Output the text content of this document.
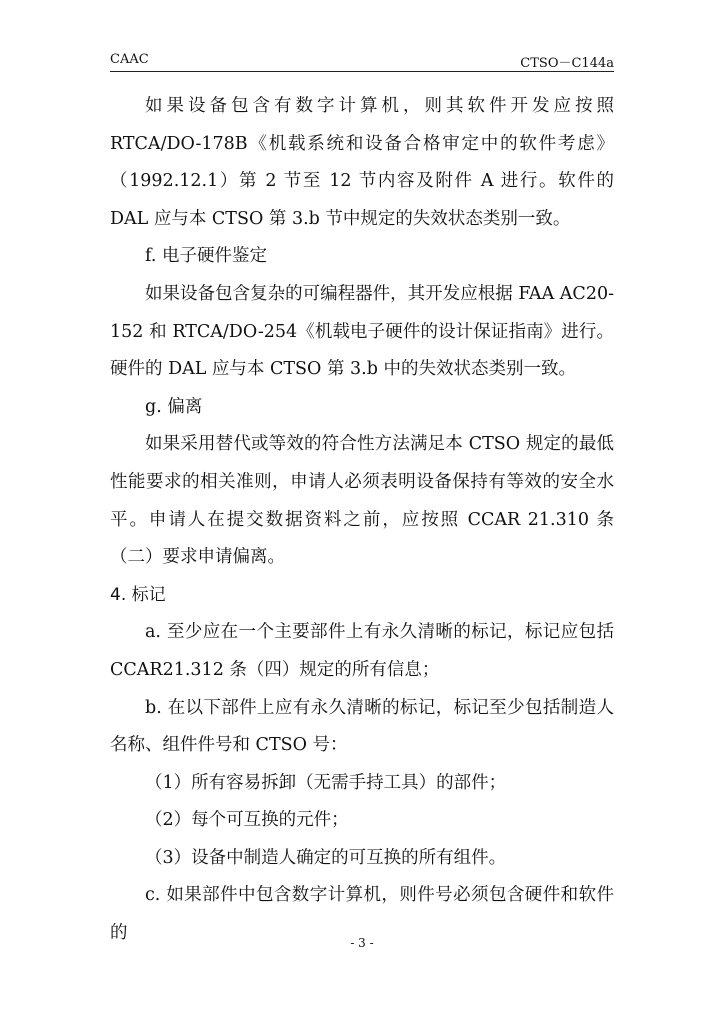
CAAC	CTSO－C144a

如果设备包含有数字计算机，则其软件开发应按照RTCA/DO-178B《机载系统和设备合格审定中的软件考虑》（1992.12.1）第 2 节至 12 节内容及附件 A 进行。软件的 DAL 应与本 CTSO 第 3.b 节中规定的失效状态类别一致。

f. 电子硬件鉴定

如果设备包含复杂的可编程器件，其开发应根据 FAA AC20-152 和 RTCA/DO-254《机载电子硬件的设计保证指南》进行。硬件的 DAL 应与本 CTSO 第 3.b 中的失效状态类别一致。

g. 偏离

如果采用替代或等效的符合性方法满足本 CTSO 规定的最低性能要求的相关准则，申请人必须表明设备保持有等效的安全水平。申请人在提交数据资料之前，应按照 CCAR 21.310 条（二）要求申请偏离。

4. 标记

a. 至少应在一个主要部件上有永久清晰的标记，标记应包括 CCAR21.312 条（四）规定的所有信息；

b. 在以下部件上应有永久清晰的标记，标记至少包括制造人名称、组件件号和 CTSO 号：

（1）所有容易拆卸（无需手持工具）的部件；

（2）每个可互换的元件；

（3）设备中制造人确定的可互换的所有组件。

c. 如果部件中包含数字计算机，则件号必须包含硬件和软件的	- 3 -
